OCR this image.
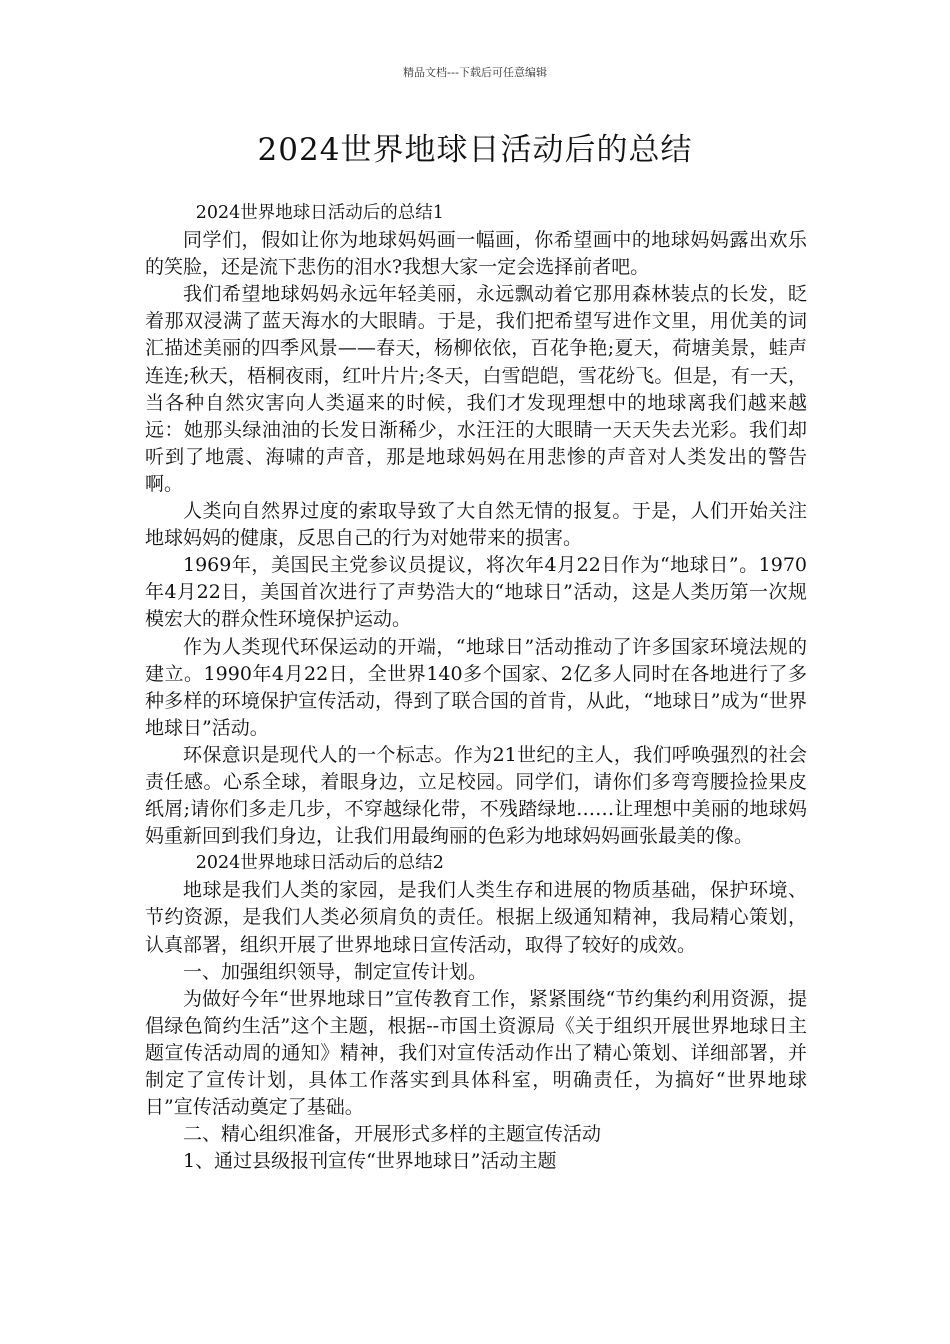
精品文档---下载后可任意编辑
2024世界地球日活动后的总结

2024世界地球日活动后的总结1

同学们，假如让你为地球妈妈画一幅画，你希望画中的地球妈妈露出欢乐的笑脸，还是流下悲伤的泪水?我想大家一定会选择前者吧。

我们希望地球妈妈永远年轻美丽，永远飘动着它那用森林装点的长发，眨着那双浸满了蓝天海水的大眼睛。于是，我们把希望写进作文里，用优美的词汇描述美丽的四季风景——春天，杨柳依依，百花争艳;夏天，荷塘美景，蛙声连连;秋天，梧桐夜雨，红叶片片;冬天，白雪皑皑，雪花纷飞。但是，有一天，当各种自然灾害向人类逼来的时候，我们才发现理想中的地球离我们越来越远：她那头绿油油的长发日渐稀少，水汪汪的大眼睛一天天失去光彩。我们却听到了地震、海啸的声音，那是地球妈妈在用悲惨的声音对人类发出的警告啊。

人类向自然界过度的索取导致了大自然无情的报复。于是，人们开始关注地球妈妈的健康，反思自己的行为对她带来的损害。

1969年，美国民主党参议员提议，将次年4月22日作为“地球日”。1970年4月22日，美国首次进行了声势浩大的“地球日”活动，这是人类历第一次规模宏大的群众性环境保护运动。

作为人类现代环保运动的开端，“地球日”活动推动了许多国家环境法规的建立。1990年4月22日，全世界140多个国家、2亿多人同时在各地进行了多种多样的环境保护宣传活动，得到了联合国的首肯，从此，“地球日”成为“世界地球日”活动。

环保意识是现代人的一个标志。作为21世纪的主人，我们呼唤强烈的社会责任感。心系全球，着眼身边，立足校园。同学们，请你们多弯弯腰捡捡果皮纸屑;请你们多走几步，不穿越绿化带，不残踏绿地……让理想中美丽的地球妈妈重新回到我们身边，让我们用最绚丽的色彩为地球妈妈画张最美的像。

2024世界地球日活动后的总结2

地球是我们人类的家园，是我们人类生存和进展的物质基础，保护环境、节约资源，是我们人类必须肩负的责任。根据上级通知精神，我局精心策划，认真部署，组织开展了世界地球日宣传活动，取得了较好的成效。

一、加强组织领导，制定宣传计划。

为做好今年“世界地球日”宣传教育工作，紧紧围绕“节约集约利用资源，提倡绿色简约生活”这个主题，根据--市国土资源局《关于组织开展世界地球日主题宣传活动周的通知》精神，我们对宣传活动作出了精心策划、详细部署，并制定了宣传计划，具体工作落实到具体科室，明确责任，为搞好“世界地球日”宣传活动奠定了基础。

二、精心组织准备，开展形式多样的主题宣传活动

1、通过县级报刊宣传“世界地球日”活动主题
